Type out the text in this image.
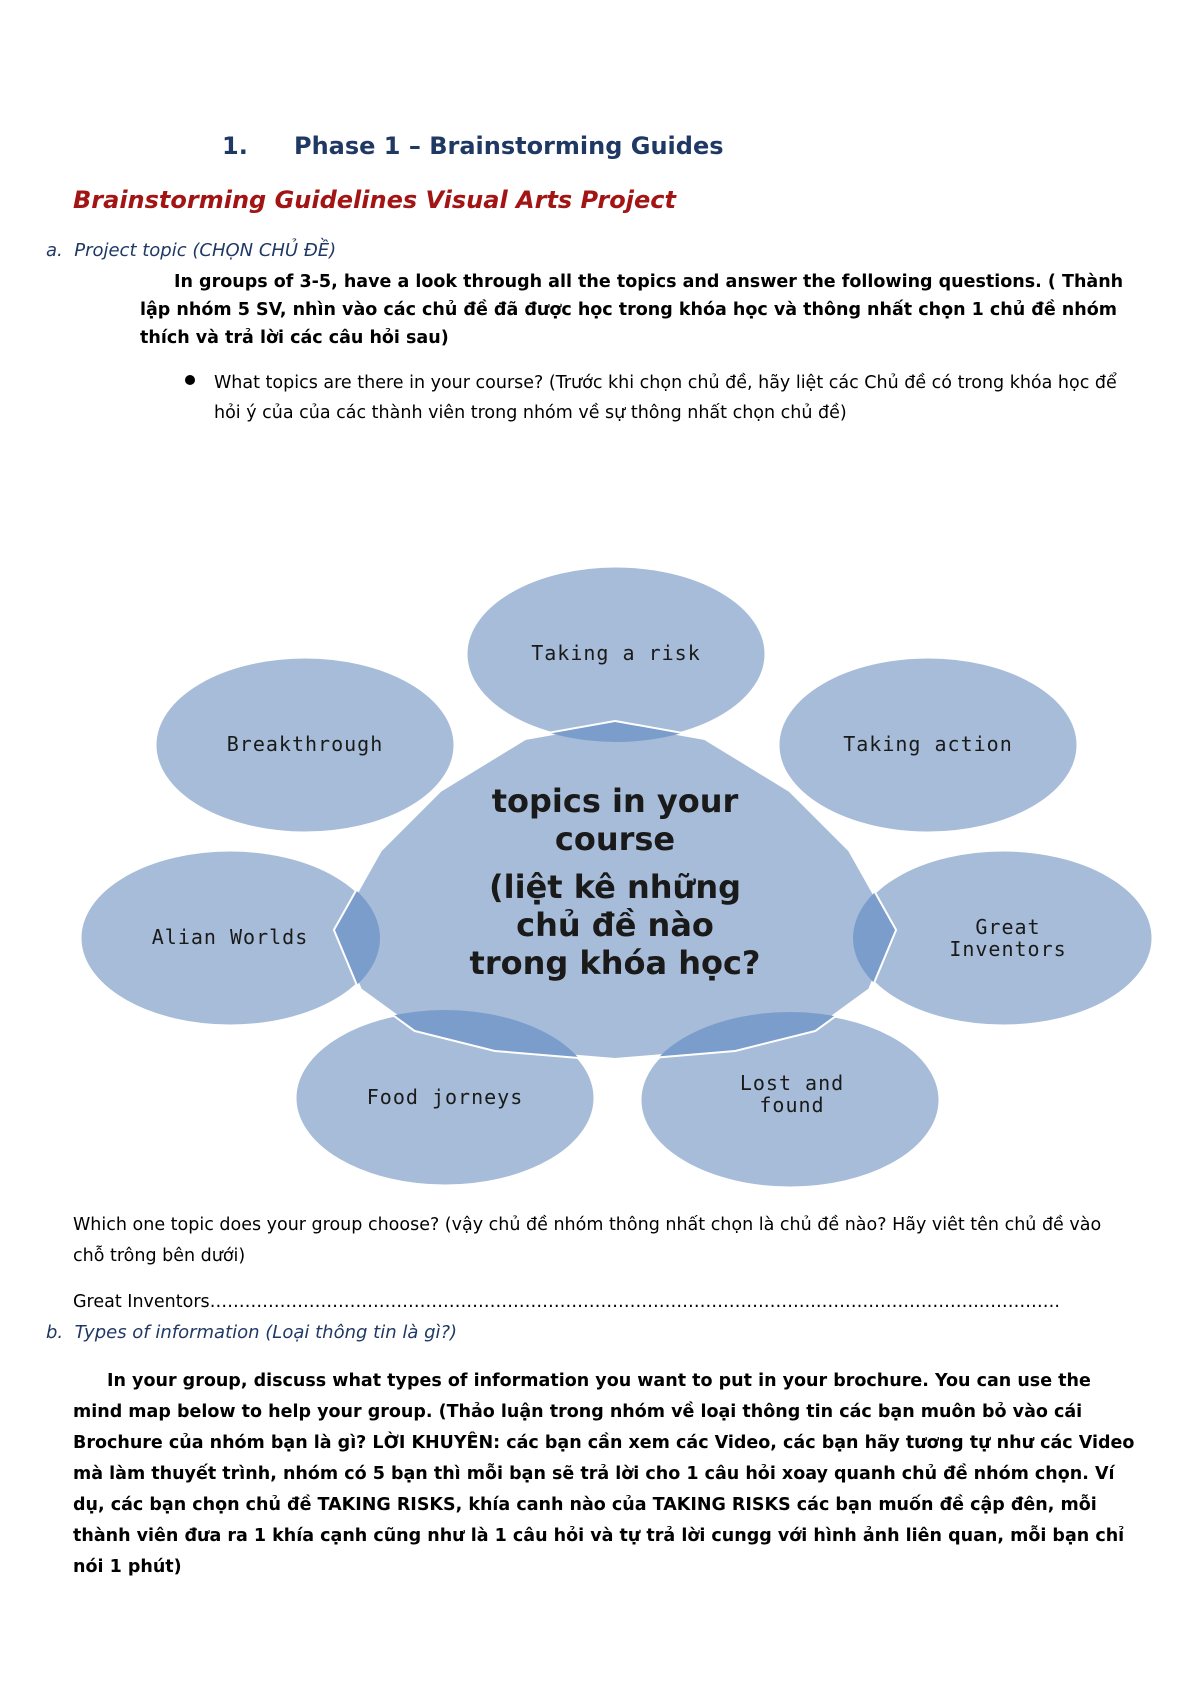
1. Phase 1 – Brainstorming Guides
Brainstorming Guidelines Visual Arts Project
a. Project topic (CHỌN CHỦ ĐỀ)
In groups of 3-5, have a look through all the topics and answer the following questions. ( Thành lập nhóm 5 SV, nhìn vào các chủ đề đã được học trong khóa học và thông nhất chọn 1 chủ đề nhóm thích và trả lời các câu hỏi sau)
What topics are there in your course? (Trước khi chọn chủ đề, hãy liệt các Chủ đề có trong khóa học để hỏi ý của của các thành viên trong nhóm về sự thông nhất chọn chủ đề)
topics in your
course
(liệt kê những
chủ đề nào
trong khóa học?
Taking a risk
Taking action
Great
Inventors
Lost and
found
Food jorneys
Alian Worlds
Breakthrough
Which one topic does your group choose? (vậy chủ đề nhóm thông nhất chọn là chủ đề nào? Hãy viêt tên chủ đề vào chỗ trông bên dưới)
Great Inventors…………………………………………………………………………………………..………………………..………….
b. Types of information (Loại thông tin là gì?)
In your group, discuss what types of information you want to put in your brochure. You can use the mind map below to help your group. (Thảo luận trong nhóm về loại thông tin các bạn muôn bỏ vào cái Brochure của nhóm bạn là gì? LỜI KHUYÊN: các bạn cần xem các Video, các bạn hãy tương tự như các Video mà làm thuyết trình, nhóm có 5 bạn thì mỗi bạn sẽ trả lời cho 1 câu hỏi xoay quanh chủ đề nhóm chọn. Ví dụ, các bạn chọn chủ đề TAKING RISKS, khía canh nào của TAKING RISKS các bạn muốn đề cập đên, mỗi thành viên đưa ra 1 khía cạnh cũng như là 1 câu hỏi và tự trả lời cungg với hình ảnh liên quan, mỗi bạn chỉ nói 1 phút)
